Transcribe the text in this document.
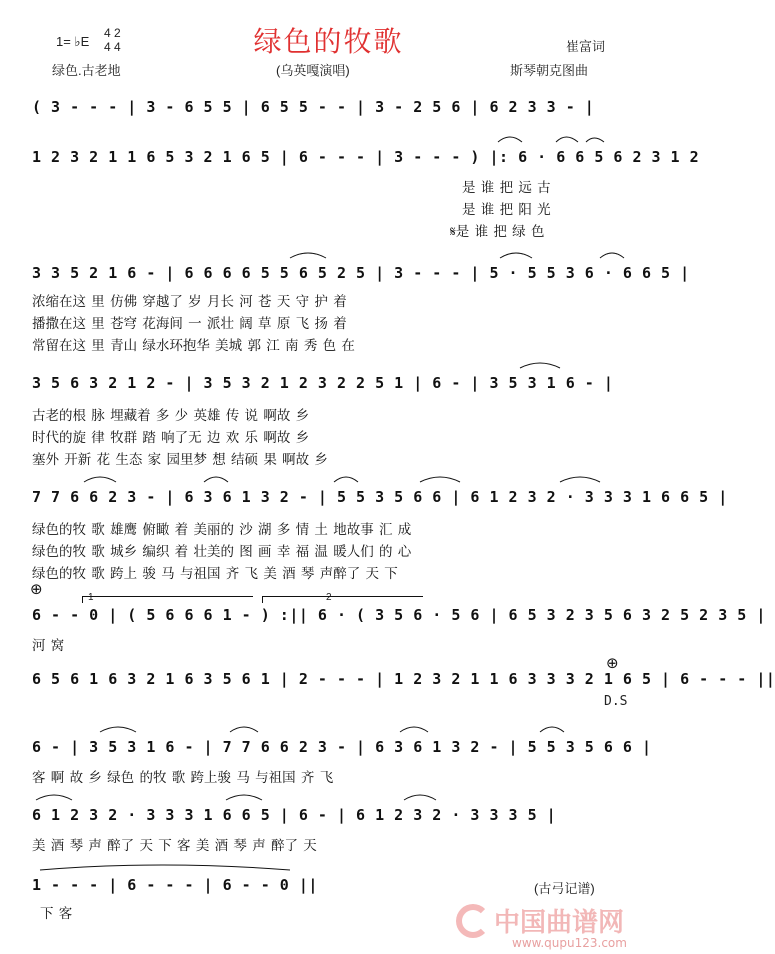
1= ♭E
4 2
4 4	绿色的牧歌
绿色.古老地	(乌英嘎演唱)
崔富词
斯琴朝克图曲
( 3 - - - | 3 - 6 5 5 | 6 5 5 - - | 3 - 2 5 6 | 6 2 3 3 - |
1 2 3 2 1 1 6 5 3 2 1 6 5 | 6 - - - | 3 - - - ) |: 6 · 6 6 5 6 2 3 1 2
是 谁 把 远 古
是 谁 把 阳 光
𝄋是 谁 把 绿 色
3 3 5 2 1 6 - | 6 6 6 6 5 5 6 5 2 5 | 3 - - - | 5 · 5 5 3 6 · 6 6 5 |
浓缩在这 里 仿佛 穿越了 岁 月长 河 苍 天 守 护 着
播撒在这 里 苍穹 花海间 一 派壮 阔 草 原 飞 扬 着
常留在这 里 青山 绿水环抱华 美城 郭 江 南 秀 色 在
3 5 6 3 2 1 2 - | 3 5 3 2 1 2 3 2 2 5 1 | 6 - | 3 5 3 1 6 - |
古老的根 脉 埋藏着 多 少 英雄 传 说 啊故 乡
时代的旋 律 牧群 踏 响了无 边 欢 乐 啊故 乡
塞外 开新 花 生态 家 园里梦 想 结硕 果 啊故 乡
7 7 6 6 2 3 - | 6 3 6 1 3 2 - | 5 5 3 5 6 6 | 6 1 2 3 2 · 3 3 3 1 6 6 5 |
绿色的牧 歌 雄鹰 俯瞰 着 美丽的 沙 湖 多 情 土 地故事 汇 成
绿色的牧 歌 城乡 编织 着 壮美的 图 画 幸 福 温 暖人们 的 心
绿色的牧 歌 跨上 骏 马 与祖国 齐 飞 美 酒 琴 声醉了 天 下
⊕	1	2
6 - - 0 | ( 5 6 6 6 1 - ) :|| 6 · ( 3 5 6 · 5 6 | 6 5 3 2 3 5 6 3 2 5 2 3 5 |
河 窝
6 5 6 1 6 3 2 1 6 3 5 6 1 | 2 - - - | 1 2 3 2 1 1 6 3 3 3 2 1 6 5 | 6 - - - ||
⊕
D.S
6 - | 3 5 3 1 6 - | 7 7 6 6 2 3 - | 6 3 6 1 3 2 - | 5 5 3 5 6 6 |
客 啊 故 乡 绿色 的牧 歌 跨上骏 马 与祖国 齐 飞
6 1 2 3 2 · 3 3 3 1 6 6 5 | 6 - | 6 1 2 3 2 · 3 3 3 5 |
美 酒 琴 声 醉了 天 下 客 美 酒 琴 声 醉了 天
1 - - - | 6 - - - | 6 - - 0 ||
下 客
(古弓记谱)
中国曲谱网
www.qupu123.com
